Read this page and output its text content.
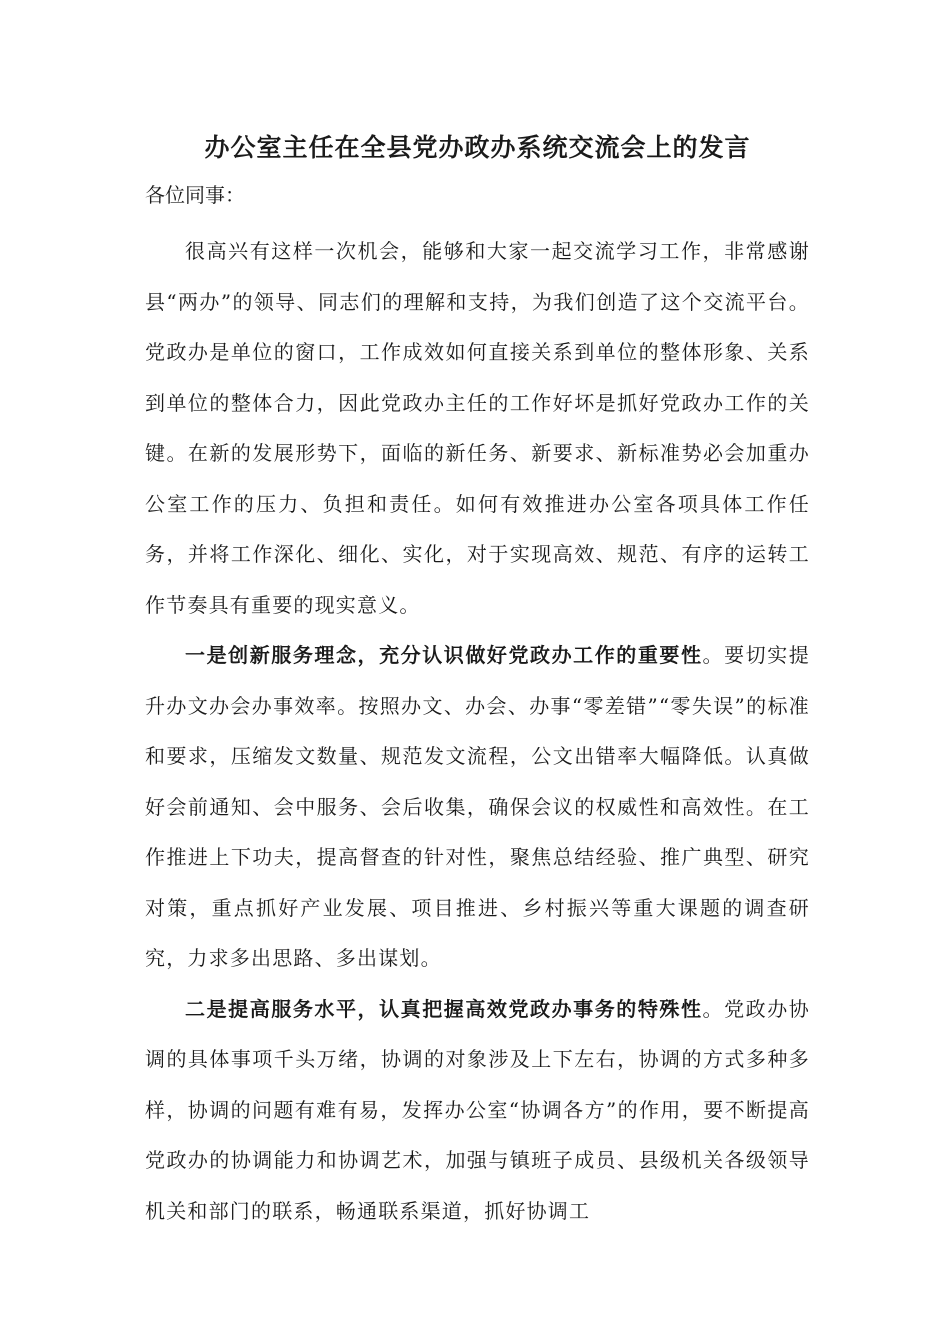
办公室主任在全县党办政办系统交流会上的发言

各位同事：

很高兴有这样一次机会，能够和大家一起交流学习工作，非常感谢县“两办”的领导、同志们的理解和支持，为我们创造了这个交流平台。党政办是单位的窗口，工作成效如何直接关系到单位的整体形象、关系到单位的整体合力，因此党政办主任的工作好坏是抓好党政办工作的关键。在新的发展形势下，面临的新任务、新要求、新标准势必会加重办公室工作的压力、负担和责任。如何有效推进办公室各项具体工作任务，并将工作深化、细化、实化，对于实现高效、规范、有序的运转工作节奏具有重要的现实意义。

一是创新服务理念，充分认识做好党政办工作的重要性。要切实提升办文办会办事效率。按照办文、办会、办事“零差错”“零失误”的标准和要求，压缩发文数量、规范发文流程，公文出错率大幅降低。认真做好会前通知、会中服务、会后收集，确保会议的权威性和高效性。在工作推进上下功夫，提高督查的针对性，聚焦总结经验、推广典型、研究对策，重点抓好产业发展、项目推进、乡村振兴等重大课题的调查研究，力求多出思路、多出谋划。

二是提高服务水平，认真把握高效党政办事务的特殊性。党政办协调的具体事项千头万绪，协调的对象涉及上下左右，协调的方式多种多样，协调的问题有难有易，发挥办公室“协调各方”的作用，要不断提高党政办的协调能力和协调艺术，加强与镇班子成员、县级机关各级领导机关和部门的联系，畅通联系渠道，抓好协调工
